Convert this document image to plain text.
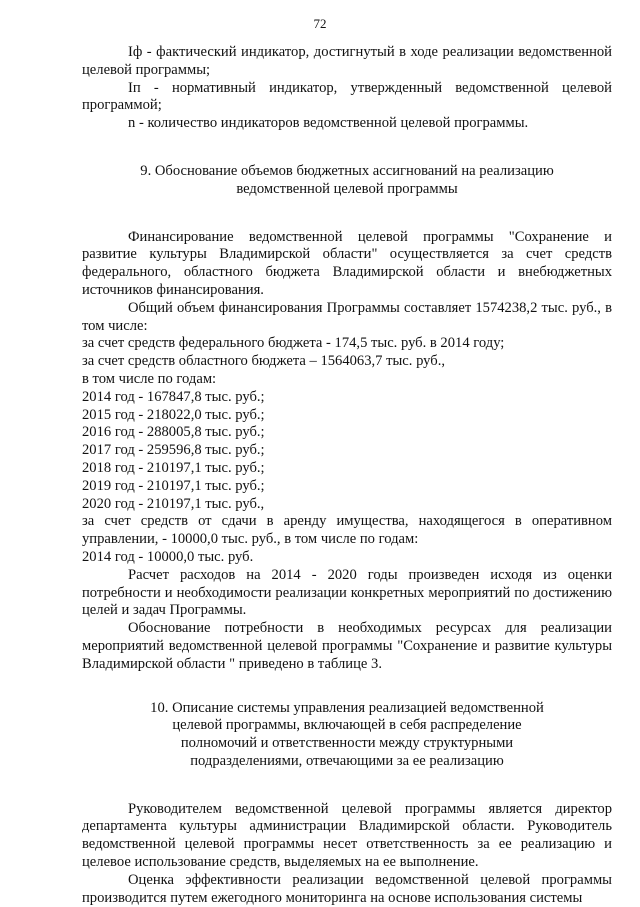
72

Iф - фактический индикатор, достигнутый в ходе реализации ведомственной целевой программы;

Iп - нормативный индикатор, утвержденный ведомственной целевой программой;

n - количество индикаторов ведомственной целевой программы.

9. Обоснование объемов бюджетных ассигнований на реализацию ведомственной целевой программы

Финансирование ведомственной целевой программы "Сохранение и развитие культуры Владимирской области" осуществляется за счет средств федерального, областного бюджета Владимирской области и внебюджетных источников финансирования.

Общий объем финансирования Программы составляет 1574238,2 тыс. руб., в том числе:

за счет средств федерального бюджета - 174,5 тыс. руб. в 2014 году;

за счет средств областного бюджета – 1564063,7 тыс. руб.,

в том числе по годам:

2014 год - 167847,8 тыс. руб.;

2015 год - 218022,0 тыс. руб.;

2016 год - 288005,8 тыс. руб.;

2017 год - 259596,8 тыс. руб.;

2018 год - 210197,1 тыс. руб.;

2019 год - 210197,1 тыс. руб.;

2020 год - 210197,1 тыс. руб.,

за счет средств от сдачи в аренду имущества, находящегося в оперативном управлении, - 10000,0 тыс. руб., в том числе по годам:

2014 год - 10000,0 тыс. руб.

Расчет расходов на 2014 - 2020 годы произведен исходя из оценки потребности и необходимости реализации конкретных мероприятий по достижению целей и задач Программы.

Обоснование потребности в необходимых ресурсах для реализации мероприятий ведомственной целевой программы "Сохранение и развитие культуры Владимирской области " приведено в таблице 3.

10. Описание системы управления реализацией ведомственной

целевой программы, включающей в себя распределение

полномочий и ответственности между структурными

подразделениями, отвечающими за ее реализацию

Руководителем ведомственной целевой программы является директор департамента культуры администрации Владимирской области. Руководитель ведомственной целевой программы несет ответственность за ее реализацию и целевое использование средств, выделяемых на ее выполнение.

Оценка эффективности реализации ведомственной целевой программы производится путем ежегодного мониторинга на основе использования системы
